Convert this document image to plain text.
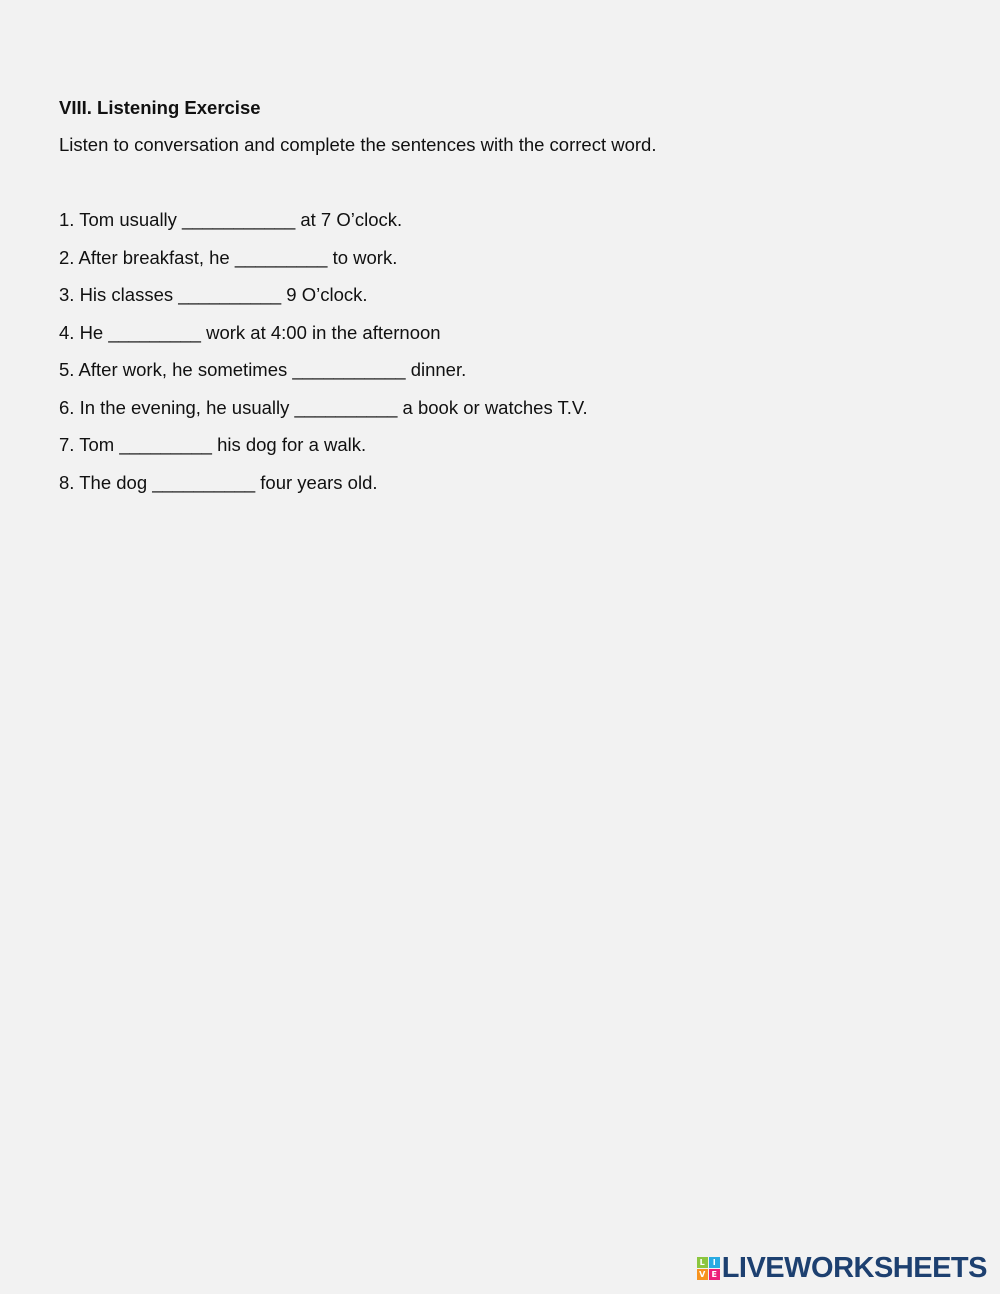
VIII. Listening Exercise

Listen to conversation and complete the sentences with the correct word.

1. Tom usually ___________ at 7 O’clock.
2. After breakfast, he _________ to work.
3. His classes __________ 9 O’clock.
4. He _________ work at 4:00 in the afternoon
5. After work, he sometimes ___________ dinner.
6. In the evening, he usually __________ a book or watches T.V.
7. Tom _________ his dog for a walk.
8. The dog __________ four years old.
L I
V E LIVEWORKSHEETS
